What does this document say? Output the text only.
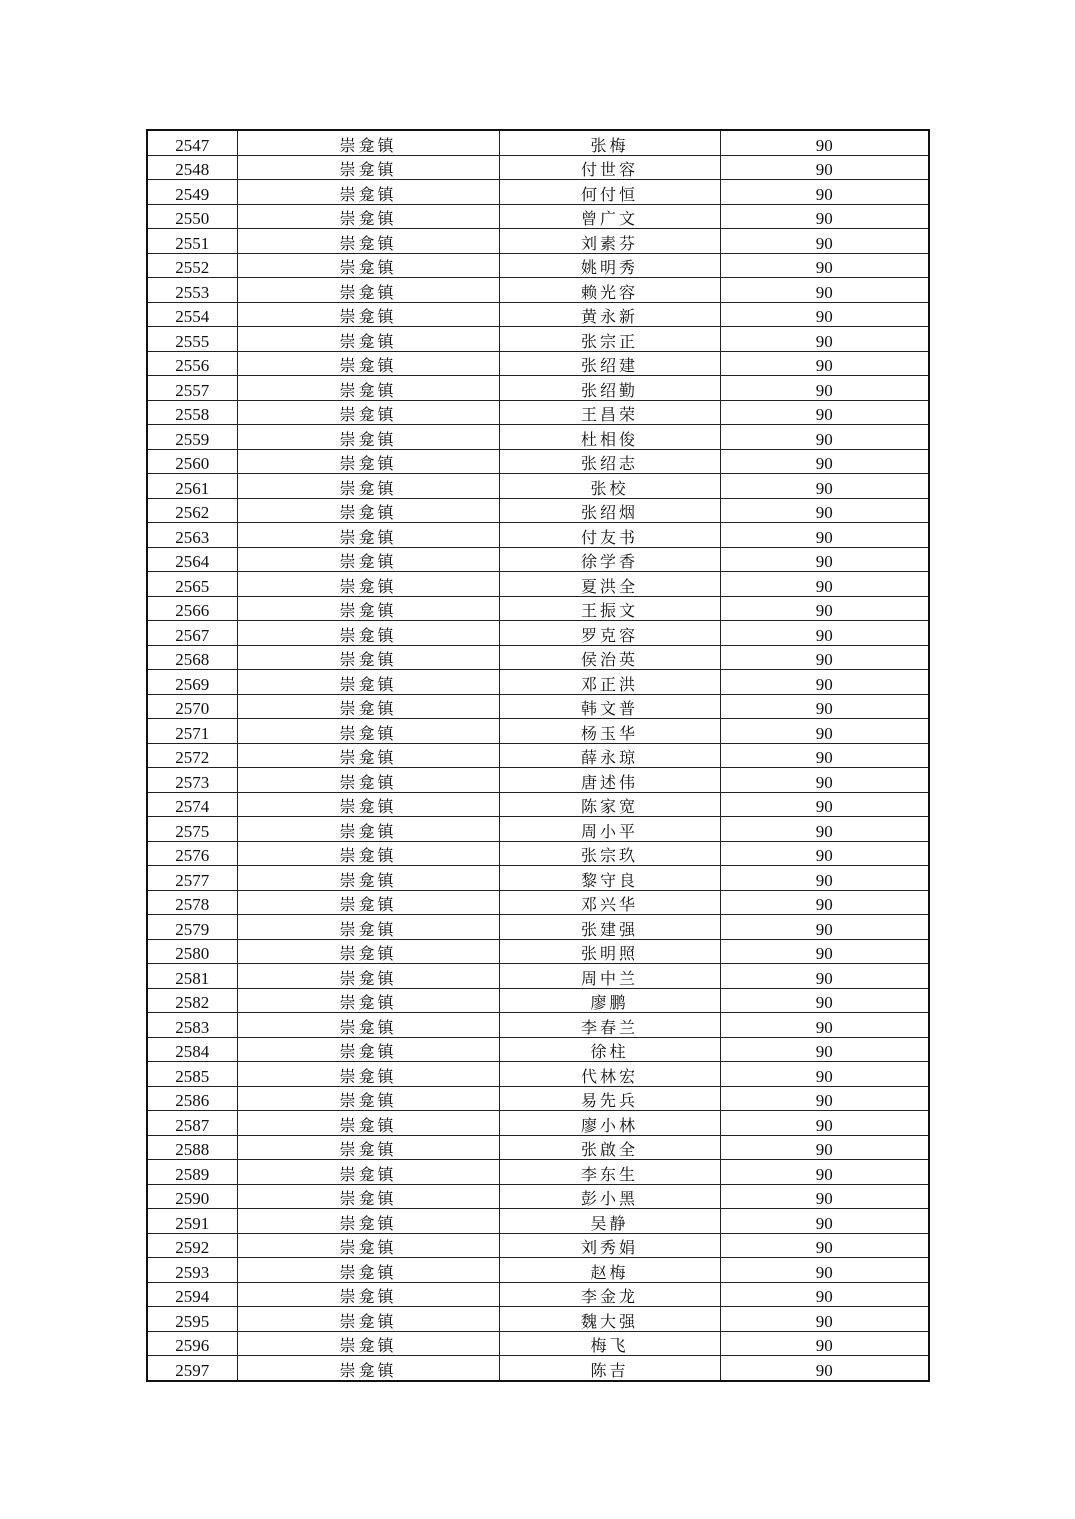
2547	崇龛镇	张梅	90
2548	崇龛镇	付世容	90
2549	崇龛镇	何付恒	90
2550	崇龛镇	曾广文	90
2551	崇龛镇	刘素芬	90
2552	崇龛镇	姚明秀	90
2553	崇龛镇	赖光容	90
2554	崇龛镇	黄永新	90
2555	崇龛镇	张宗正	90
2556	崇龛镇	张绍建	90
2557	崇龛镇	张绍勤	90
2558	崇龛镇	王昌荣	90
2559	崇龛镇	杜相俊	90
2560	崇龛镇	张绍志	90
2561	崇龛镇	张校	90
2562	崇龛镇	张绍烟	90
2563	崇龛镇	付友书	90
2564	崇龛镇	徐学香	90
2565	崇龛镇	夏洪全	90
2566	崇龛镇	王振文	90
2567	崇龛镇	罗克容	90
2568	崇龛镇	侯治英	90
2569	崇龛镇	邓正洪	90
2570	崇龛镇	韩文普	90
2571	崇龛镇	杨玉华	90
2572	崇龛镇	薛永琼	90
2573	崇龛镇	唐述伟	90
2574	崇龛镇	陈家宽	90
2575	崇龛镇	周小平	90
2576	崇龛镇	张宗玖	90
2577	崇龛镇	黎守良	90
2578	崇龛镇	邓兴华	90
2579	崇龛镇	张建强	90
2580	崇龛镇	张明照	90
2581	崇龛镇	周中兰	90
2582	崇龛镇	廖鹏	90
2583	崇龛镇	李春兰	90
2584	崇龛镇	徐柱	90
2585	崇龛镇	代林宏	90
2586	崇龛镇	易先兵	90
2587	崇龛镇	廖小林	90
2588	崇龛镇	张啟全	90
2589	崇龛镇	李东生	90
2590	崇龛镇	彭小黑	90
2591	崇龛镇	吴静	90
2592	崇龛镇	刘秀娟	90
2593	崇龛镇	赵梅	90
2594	崇龛镇	李金龙	90
2595	崇龛镇	魏大强	90
2596	崇龛镇	梅飞	90
2597	崇龛镇	陈吉	90
